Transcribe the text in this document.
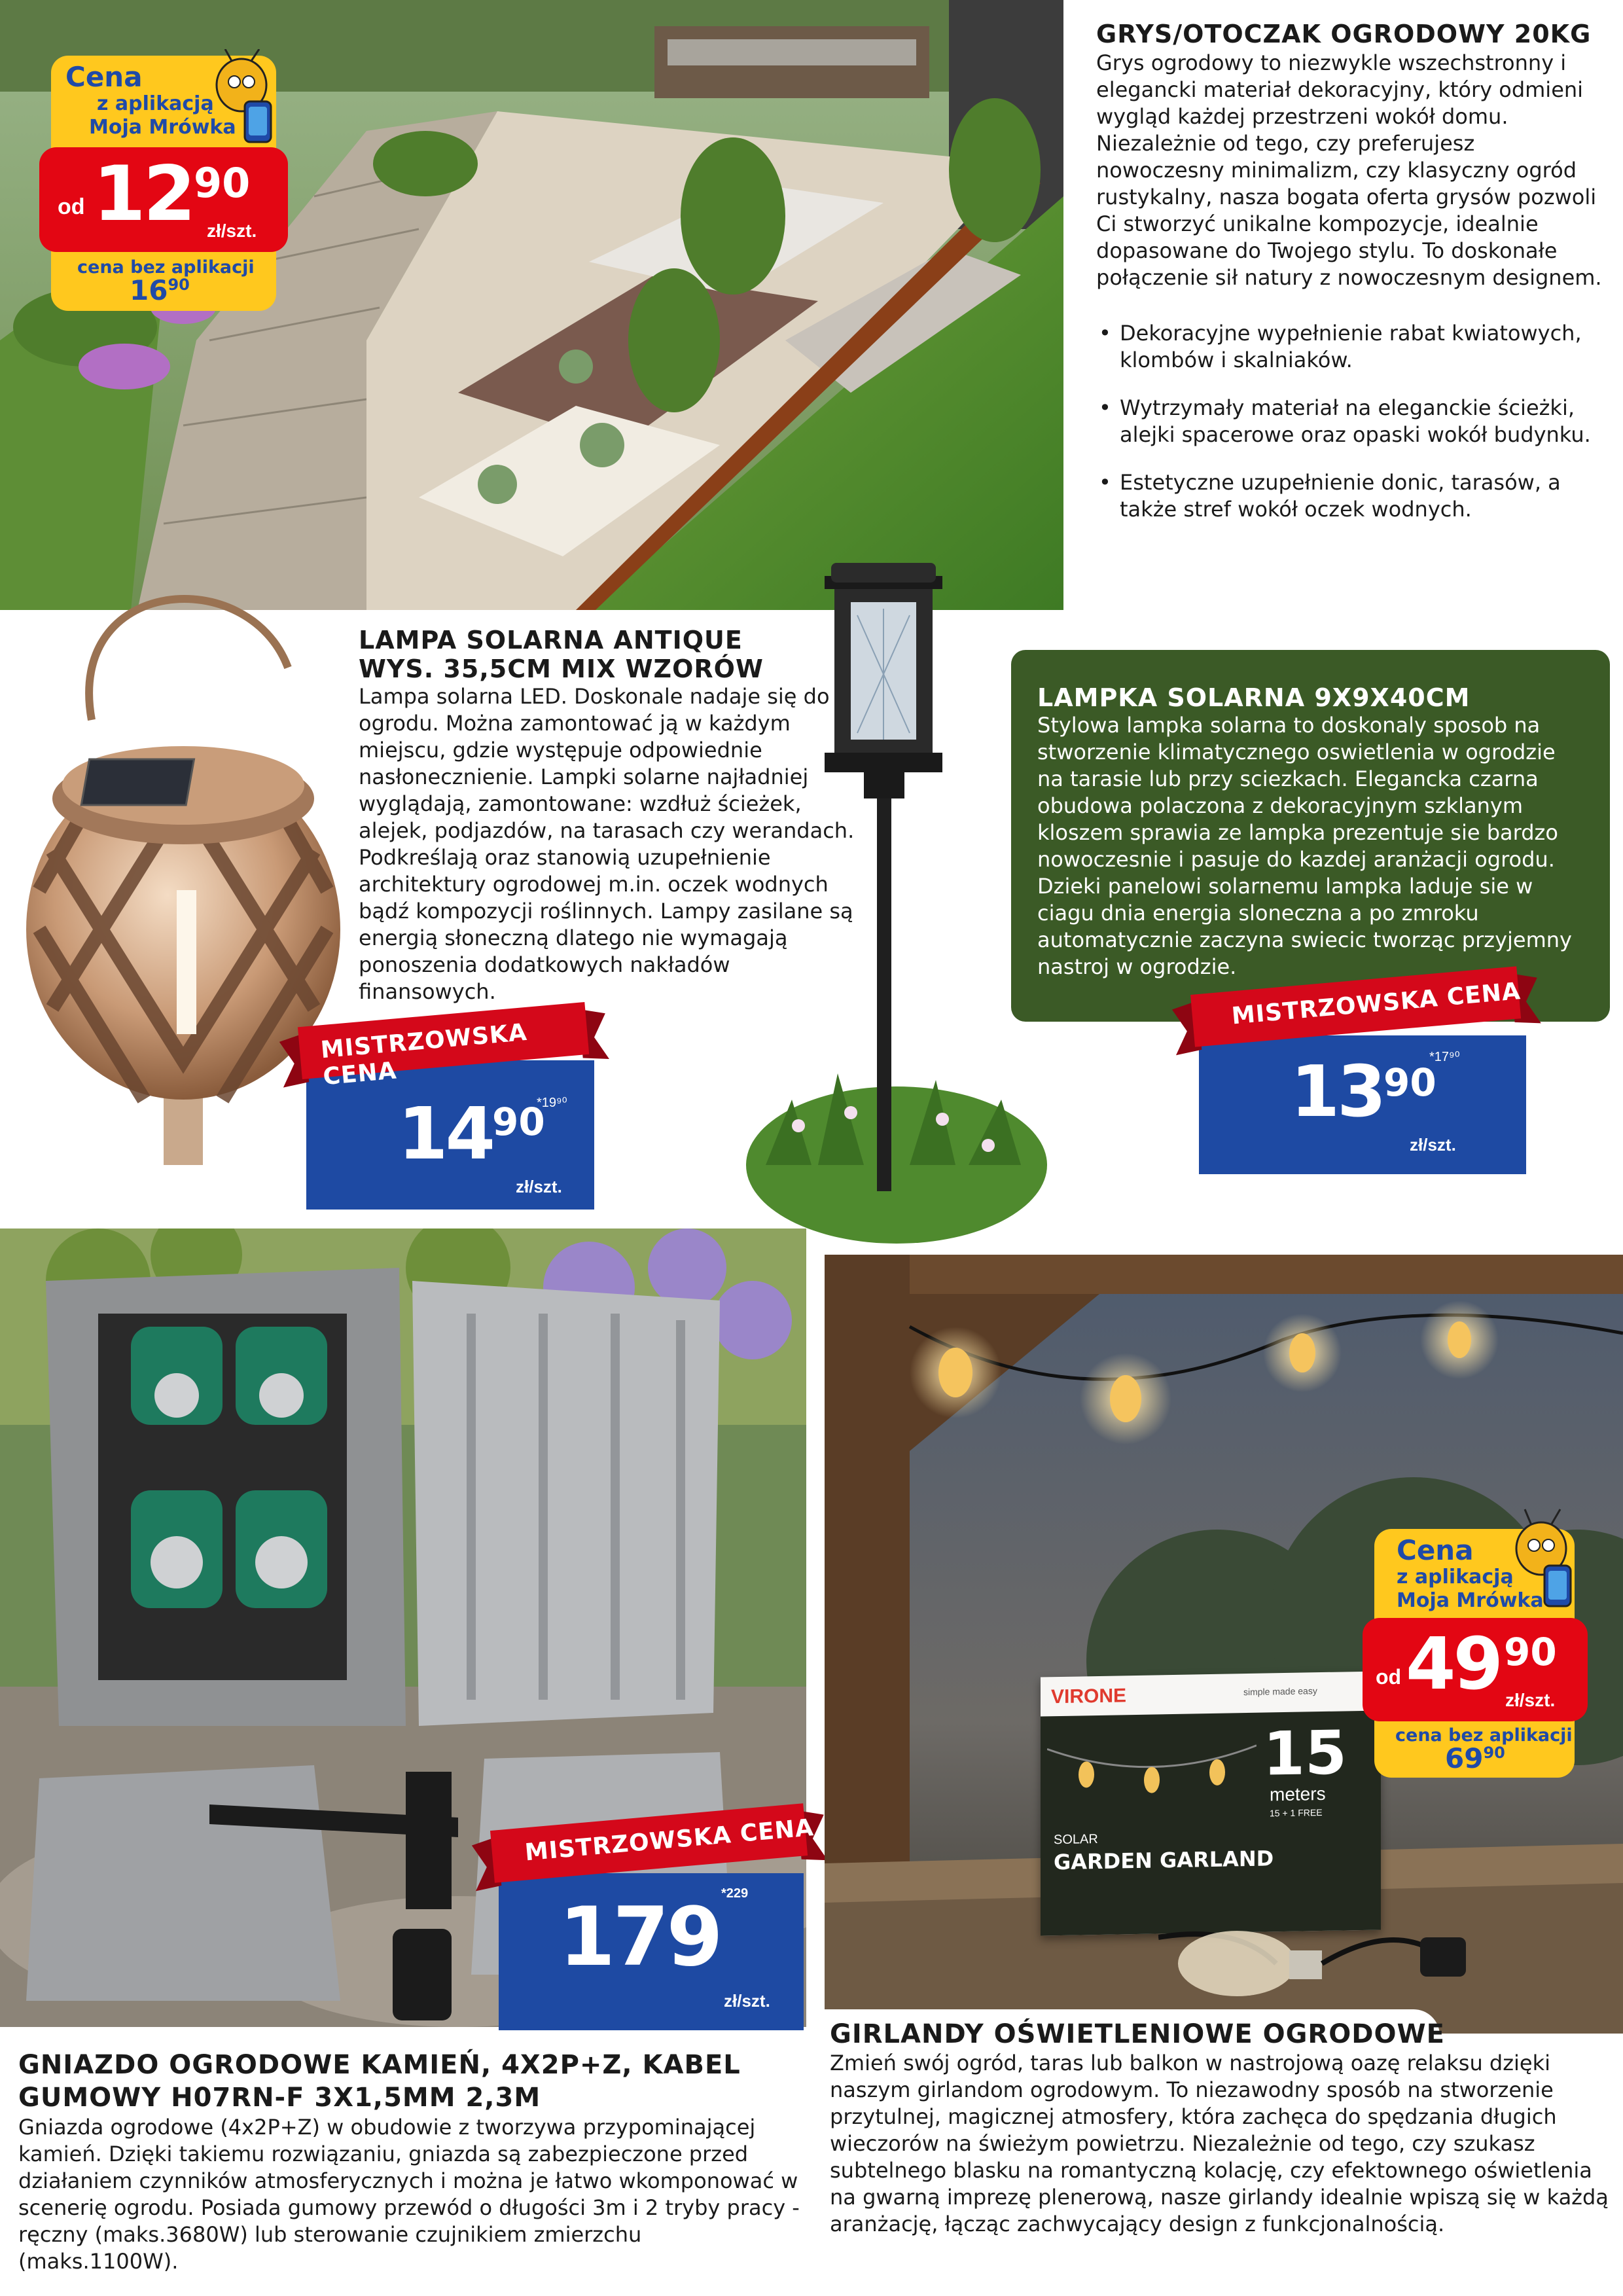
Cena
z aplikacją
Moja Mrówka
od 12 90
zł/szt.
cena bez aplikacji
$16^{90}$
GRYS/OTOCZAK OGRODOWY 20KG

Grys ogrodowy to niezwykle wszechstronny i elegancki materiał dekoracyjny, który odmieni wygląd każdej przestrzeni wokół domu. Niezależnie od tego, czy preferujesz nowoczesny minimalizm, czy klasyczny ogród rustykalny, nasza bogata oferta grysów pozwoli Ci stworzyć unikalne kompozycje, idealnie dopasowane do Twojego stylu. To doskonałe połączenie sił natury z nowoczesnym designem.

• Dekoracyjne wypełnienie rabat kwiatowych, klombów i skalniaków.
• Wytrzymały materiał na eleganckie ścieżki, alejki spacerowe oraz opaski wokół budynku.
• Estetyczne uzupełnienie donic, tarasów, a także stref wokół oczek wodnych.
LAMPA SOLARNA ANTIQUE
WYS. 35,5CM MIX WZORÓW

Lampa solarna LED. Doskonale nadaje się do ogrodu. Można zamontować ją w każdym miejscu, gdzie występuje odpowiednie nasłonecznienie. Lampki solarne najładniej wyglądają, zamontowane: wzdłuż ścieżek, alejek, podjazdów, na tarasach czy werandach. Podkreślają oraz stanowią uzupełnienie architektury ogrodowej m.in. oczek wodnych bądź kompozycji roślinnych. Lampy zasilane są energią słoneczną dlatego nie wymagają ponoszenia dodatkowych nakładów finansowych.

*19⁹⁰
14
90
zł/szt.
MISTRZOWSKA CENA
LAMPKA SOLARNA 9X9X40CM

Stylowa lampka solarna to doskonaly sposob na stworzenie klimatycznego oswietlenia w ogrodzie na tarasie lub przy sciezkach. Elegancka czarna obudowa polaczona z dekoracyjnym szklanym kloszem sprawia ze lampka prezentuje sie bardzo nowoczesnie i pasuje do kazdej aranżacji ogrodu. Dzieki panelowi solarnemu lampka laduje sie w ciagu dnia energia sloneczna a po zmroku automatycznie zaczyna swiecic tworząc przyjemny nastroj w ogrodzie.

*17⁹⁰
13 90
zł/szt.
MISTRZOWSKA CENA
*229
179
zł/szt.
MISTRZOWSKA CENA
GNIAZDO OGRODOWE KAMIEŃ, 4X2P+Z, KABEL
GUMOWY H07RN-F 3X1,5MM 2,3M

Gniazda ogrodowe (4x2P+Z) w obudowie z tworzywa przypominającej kamień. Dzięki takiemu rozwiązaniu, gniazda są zabezpieczone przed działaniem czynników atmosferycznych i można je łatwo wkomponować w scenerię ogrodu. Posiada gumowy przewód o długości 3m i 2 tryby pracy - ręczny (maks.3680W) lub sterowanie czujnikiem zmierzchu (maks.1100W).

VIRONE	simple made easy
15
meters
15 + 1 FREE
SOLAR
GARDEN GARLAND
Cena
z aplikacją
Moja Mrówka
od 49 90
zł/szt.
cena bez aplikacji
$69^{90}$
GIRLANDY OŚWIETLENIOWE OGRODOWE

Zmień swój ogród, taras lub balkon w nastrojową oazę relaksu dzięki naszym girlandom ogrodowym. To niezawodny sposób na stworzenie przytulnej, magicznej atmosfery, która zachęca do spędzania długich wieczorów na świeżym powietrzu. Niezależnie od tego, czy szukasz subtelnego blasku na romantyczną kolację, czy efektownego oświetlenia na gwarną imprezę plenerową, nasze girlandy idealnie wpiszą się w każdą aranżację, łącząc zachwycający design z funkcjonalnością.
